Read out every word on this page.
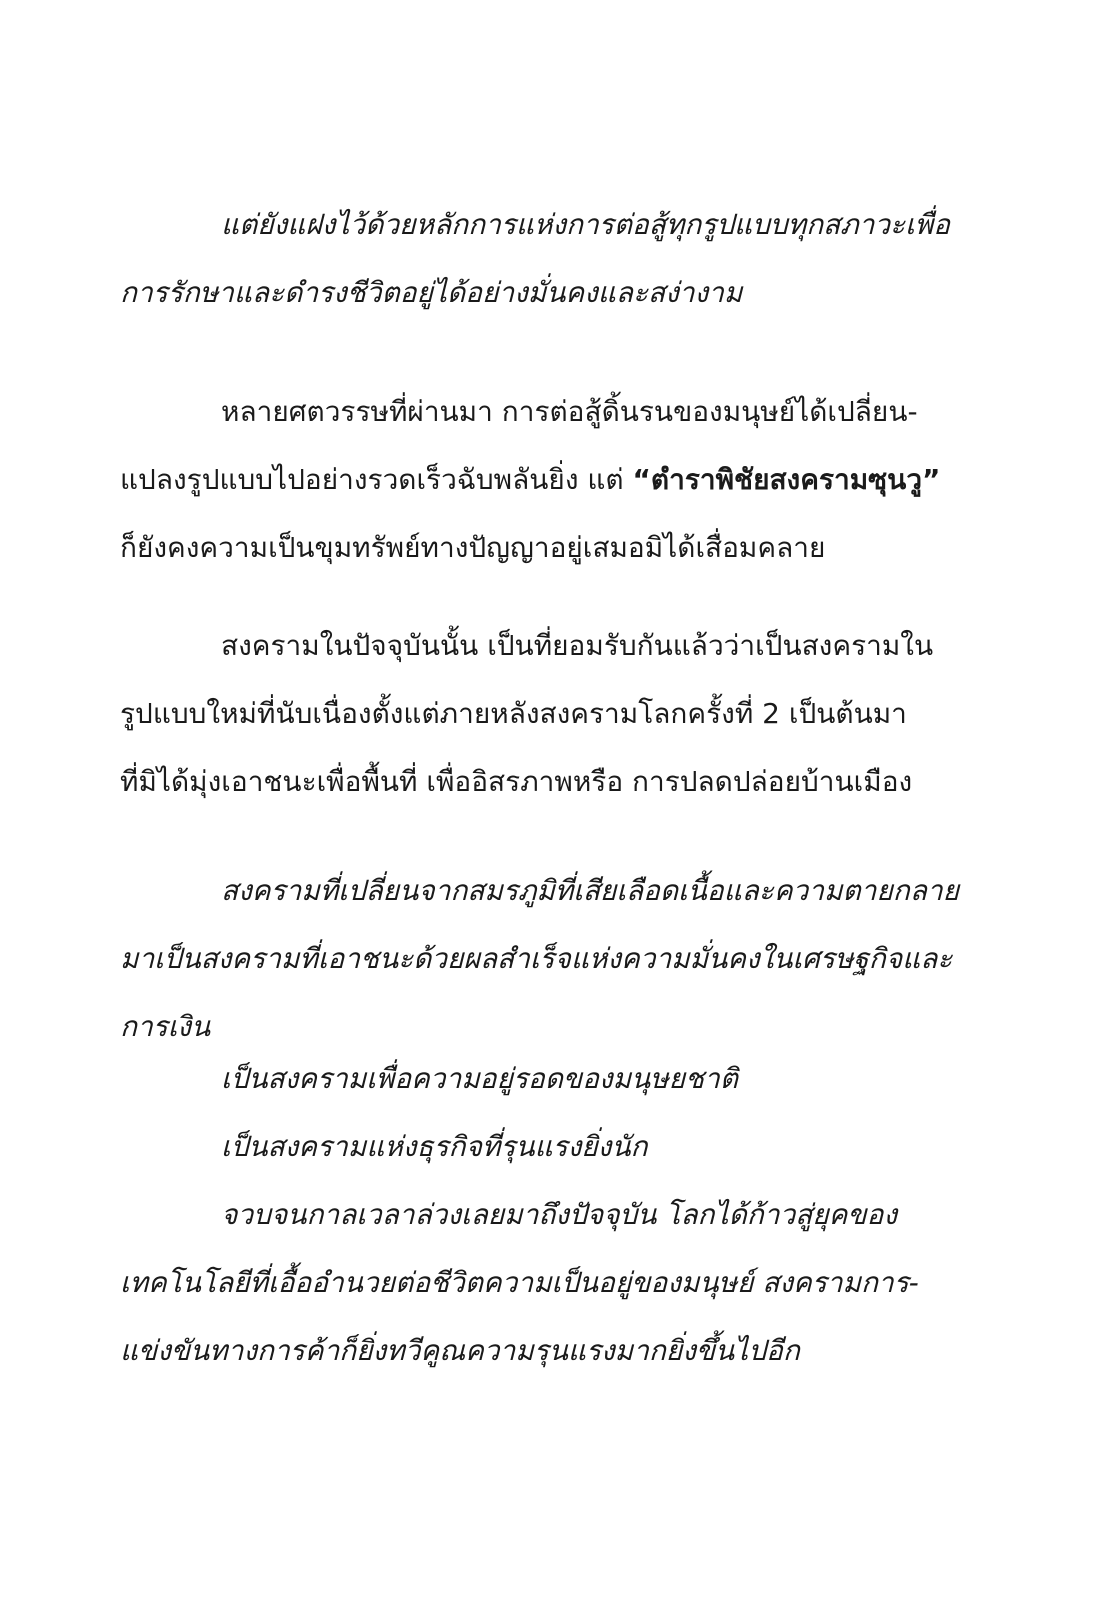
แต่ยังแฝงไว้ด้วยหลักการแห่งการต่อสู้ทุกรูปแบบทุกสภาวะเพื่อ
การรักษาและดำรงชีวิตอยู่ได้อย่างมั่นคงและสง่างาม

หลายศตวรรษที่ผ่านมา การต่อสู้ดิ้นรนของมนุษย์ได้เปลี่ยน-
แปลงรูปแบบไปอย่างรวดเร็วฉับพลันยิ่ง แต่ “ตำราพิชัยสงครามซุนวู”
ก็ยังคงความเป็นขุมทรัพย์ทางปัญญาอยู่เสมอมิได้เสื่อมคลาย

สงครามในปัจจุบันนั้น เป็นที่ยอมรับกันแล้วว่าเป็นสงครามใน
รูปแบบใหม่ที่นับเนื่องตั้งแต่ภายหลังสงครามโลกครั้งที่ 2 เป็นต้นมา
ที่มิได้มุ่งเอาชนะเพื่อพื้นที่ เพื่ออิสรภาพหรือ การปลดปล่อยบ้านเมือง

สงครามที่เปลี่ยนจากสมรภูมิที่เสียเลือดเนื้อและความตายกลาย
มาเป็นสงครามที่เอาชนะด้วยผลสำเร็จแห่งความมั่นคงในเศรษฐกิจและ
การเงิน

เป็นสงครามเพื่อความอยู่รอดของมนุษยชาติ

เป็นสงครามแห่งธุรกิจที่รุนแรงยิ่งนัก

จวบจนกาลเวลาล่วงเลยมาถึงปัจจุบัน โลกได้ก้าวสู่ยุคของ
เทคโนโลยีที่เอื้ออำนวยต่อชีวิตความเป็นอยู่ของมนุษย์ สงครามการ-
แข่งขันทางการค้าก็ยิ่งทวีคูณความรุนแรงมากยิ่งขึ้นไปอีก
